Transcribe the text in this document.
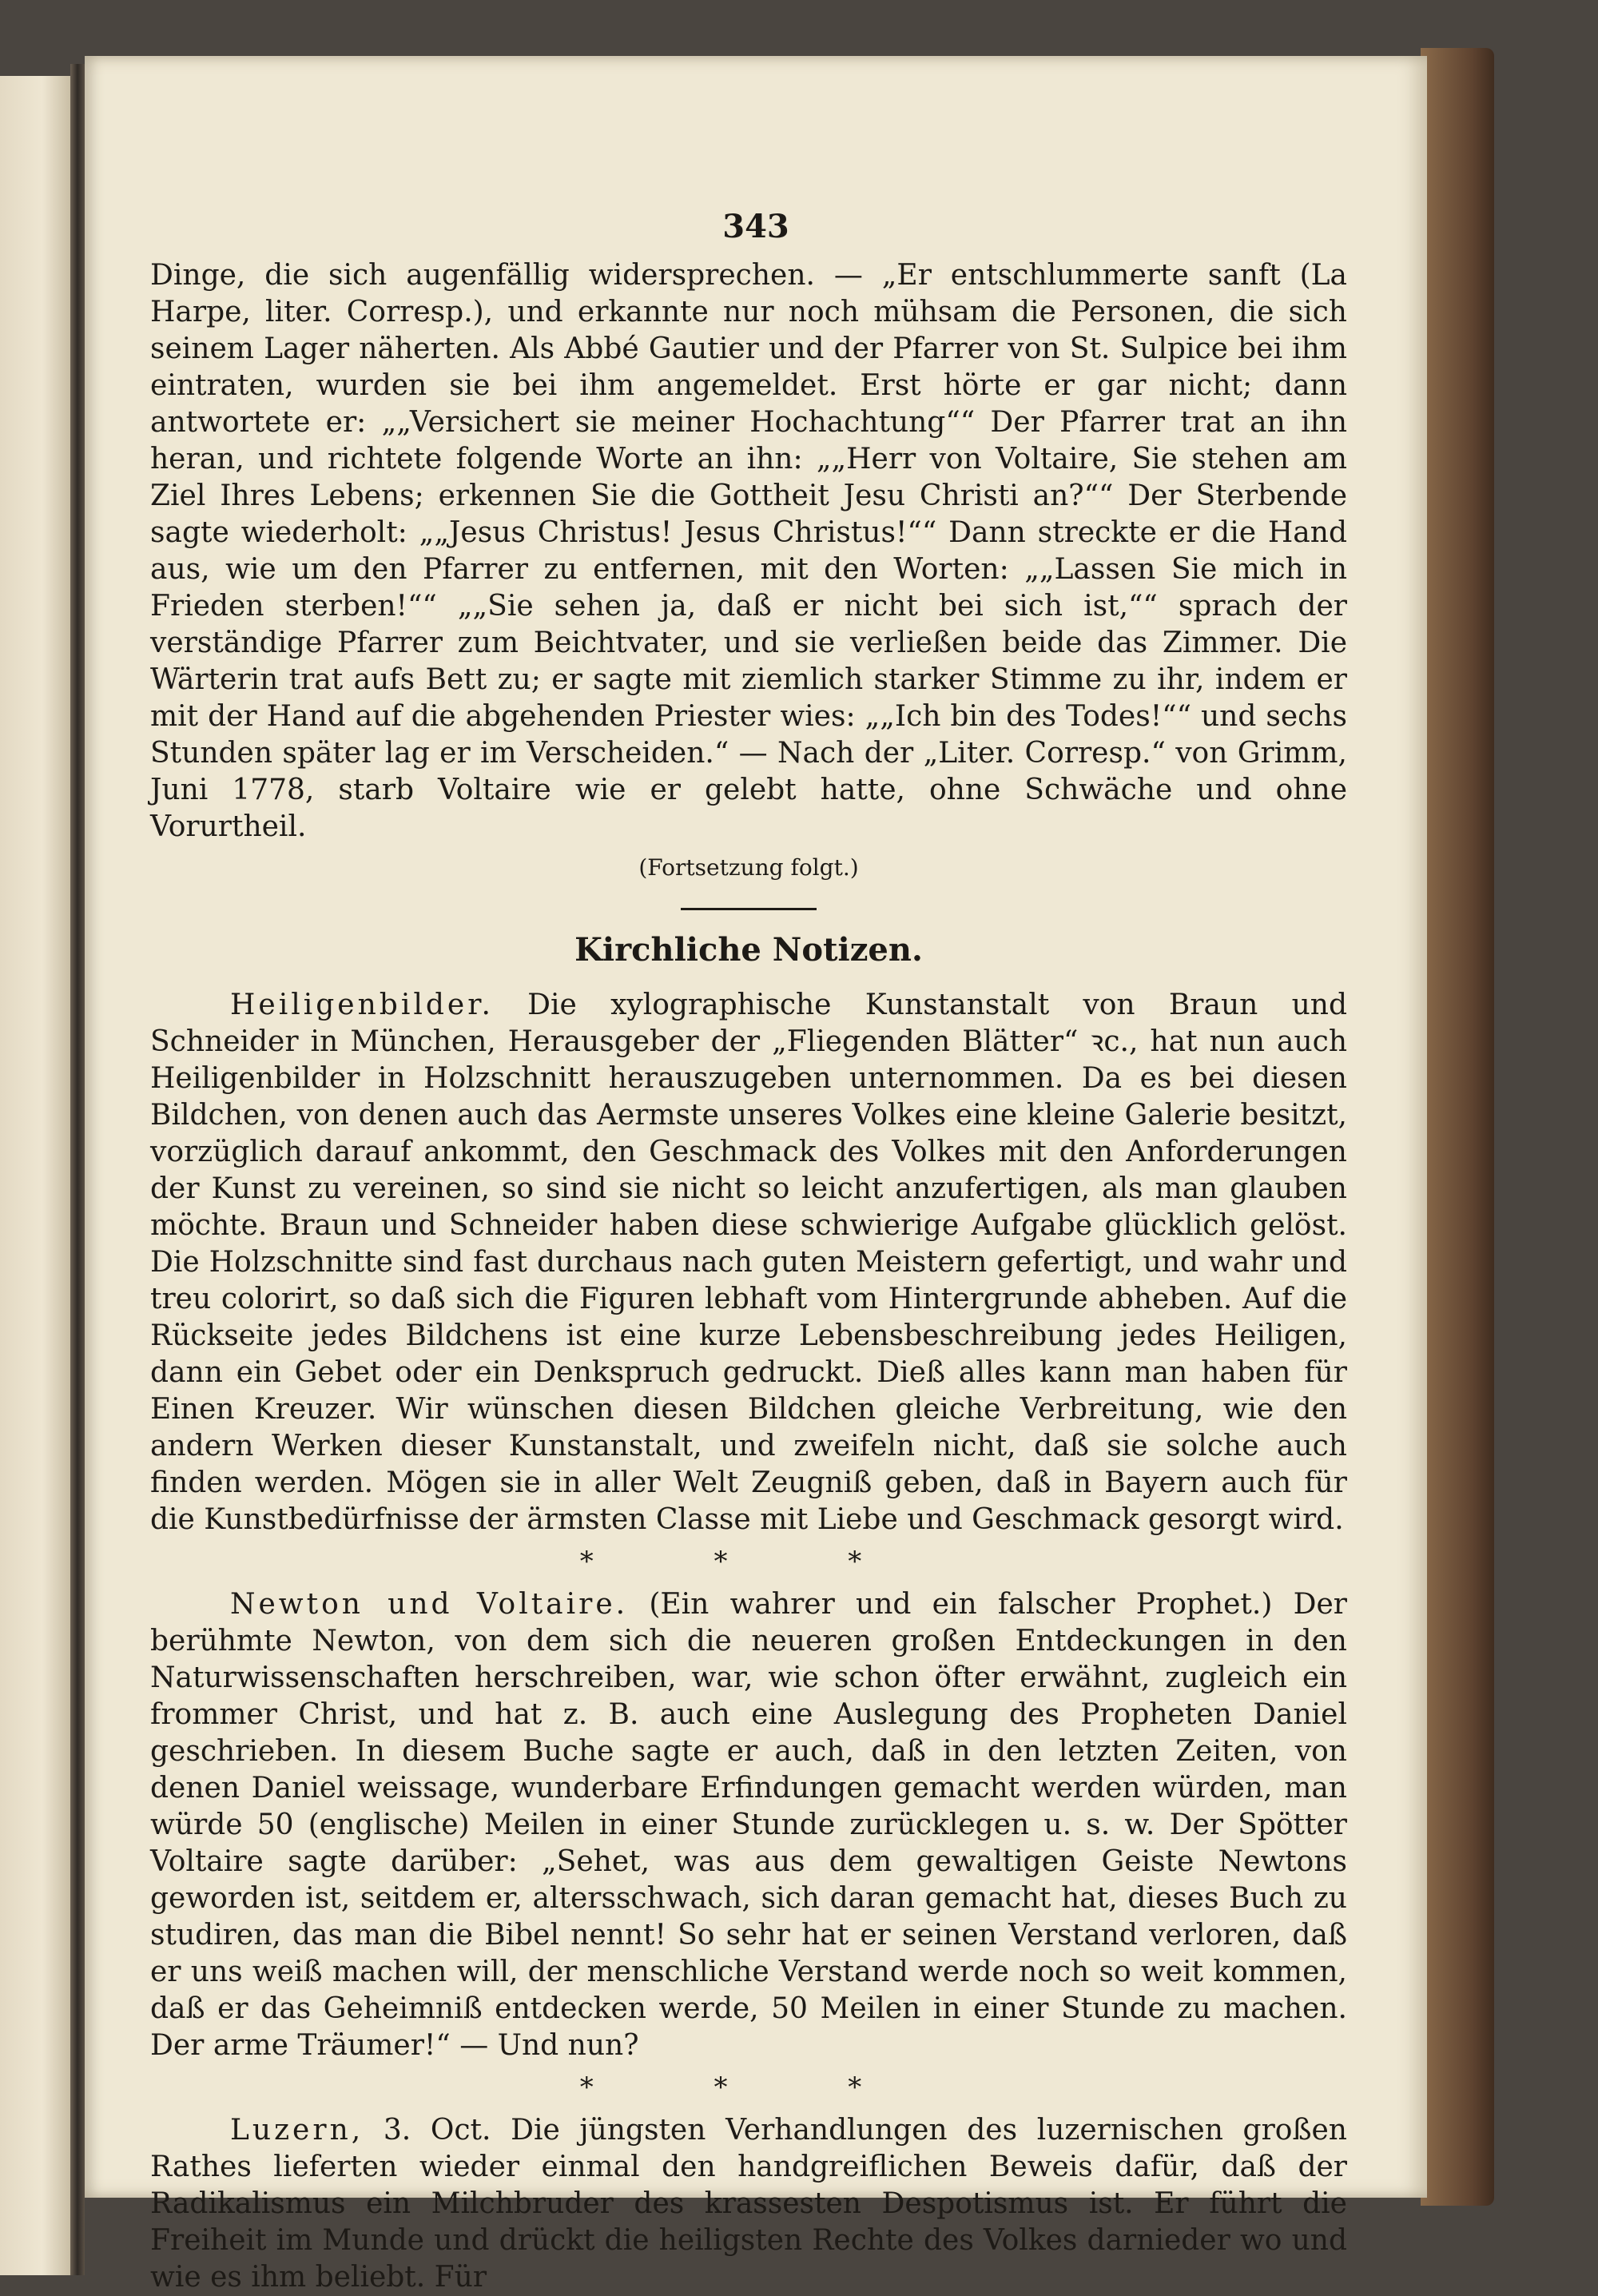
343

Dinge, die sich augenfällig widersprechen. — „Er entschlummerte sanft (La Harpe, liter. Corresp.), und erkannte nur noch mühsam die Personen, die sich seinem Lager näherten. Als Abbé Gautier und der Pfarrer von St. Sulpice bei ihm eintraten, wurden sie bei ihm angemeldet. Erst hörte er gar nicht; dann antwortete er: „„Versichert sie meiner Hochachtung““ Der Pfarrer trat an ihn heran, und richtete folgende Worte an ihn: „„Herr von Voltaire, Sie stehen am Ziel Ihres Lebens; erkennen Sie die Gottheit Jesu Christi an?““ Der Sterbende sagte wiederholt: „„Jesus Christus! Jesus Christus!““ Dann streckte er die Hand aus, wie um den Pfarrer zu entfernen, mit den Worten: „„Lassen Sie mich in Frieden sterben!““ „„Sie sehen ja, daß er nicht bei sich ist,““ sprach der verständige Pfarrer zum Beichtvater, und sie verließen beide das Zimmer. Die Wärterin trat aufs Bett zu; er sagte mit ziemlich starker Stimme zu ihr, indem er mit der Hand auf die abgehenden Priester wies: „„Ich bin des Todes!““ und sechs Stunden später lag er im Verscheiden.“ — Nach der „Liter. Corresp.“ von Grimm, Juni 1778, starb Voltaire wie er gelebt hatte, ohne Schwäche und ohne Vorurtheil.

(Fortsetzung folgt.)
Kirchliche Notizen.

Heiligenbilder. Die xylographische Kunstanstalt von Braun und Schneider in München, Herausgeber der „Fliegenden Blätter“ ꝛc., hat nun auch Heiligenbilder in Holzschnitt herauszugeben unternommen. Da es bei diesen Bildchen, von denen auch das Aermste unseres Volkes eine kleine Galerie besitzt, vorzüglich darauf ankommt, den Geschmack des Volkes mit den Anforderungen der Kunst zu vereinen, so sind sie nicht so leicht anzufertigen, als man glauben möchte. Braun und Schneider haben diese schwierige Aufgabe glücklich gelöst. Die Holzschnitte sind fast durchaus nach guten Meistern gefertigt, und wahr und treu colorirt, so daß sich die Figuren lebhaft vom Hintergrunde abheben. Auf die Rückseite jedes Bildchens ist eine kurze Lebensbeschreibung jedes Heiligen, dann ein Gebet oder ein Denkspruch gedruckt. Dieß alles kann man haben für Einen Kreuzer. Wir wünschen diesen Bildchen gleiche Verbreitung, wie den andern Werken dieser Kunstanstalt, und zweifeln nicht, daß sie solche auch finden werden. Mögen sie in aller Welt Zeugniß geben, daß in Bayern auch für die Kunstbedürfnisse der ärmsten Classe mit Liebe und Geschmack gesorgt wird.

* * *

Newton und Voltaire. (Ein wahrer und ein falscher Prophet.) Der berühmte Newton, von dem sich die neueren großen Entdeckungen in den Naturwissenschaften herschreiben, war, wie schon öfter erwähnt, zugleich ein frommer Christ, und hat z. B. auch eine Auslegung des Propheten Daniel geschrieben. In diesem Buche sagte er auch, daß in den letzten Zeiten, von denen Daniel weissage, wunderbare Erfindungen gemacht werden würden, man würde 50 (englische) Meilen in einer Stunde zurücklegen u. s. w. Der Spötter Voltaire sagte darüber: „Sehet, was aus dem gewaltigen Geiste Newtons geworden ist, seitdem er, altersschwach, sich daran gemacht hat, dieses Buch zu studiren, das man die Bibel nennt! So sehr hat er seinen Verstand verloren, daß er uns weiß machen will, der menschliche Verstand werde noch so weit kommen, daß er das Geheimniß entdecken werde, 50 Meilen in einer Stunde zu machen. Der arme Träumer!“ — Und nun?

* * *

Luzern, 3. Oct. Die jüngsten Verhandlungen des luzernischen großen Rathes lieferten wieder einmal den handgreiflichen Beweis dafür, daß der Radikalismus ein Milchbruder des krassesten Despotismus ist. Er führt die Freiheit im Munde und drückt die heiligsten Rechte des Volkes darnieder wo und wie es ihm beliebt. Für
